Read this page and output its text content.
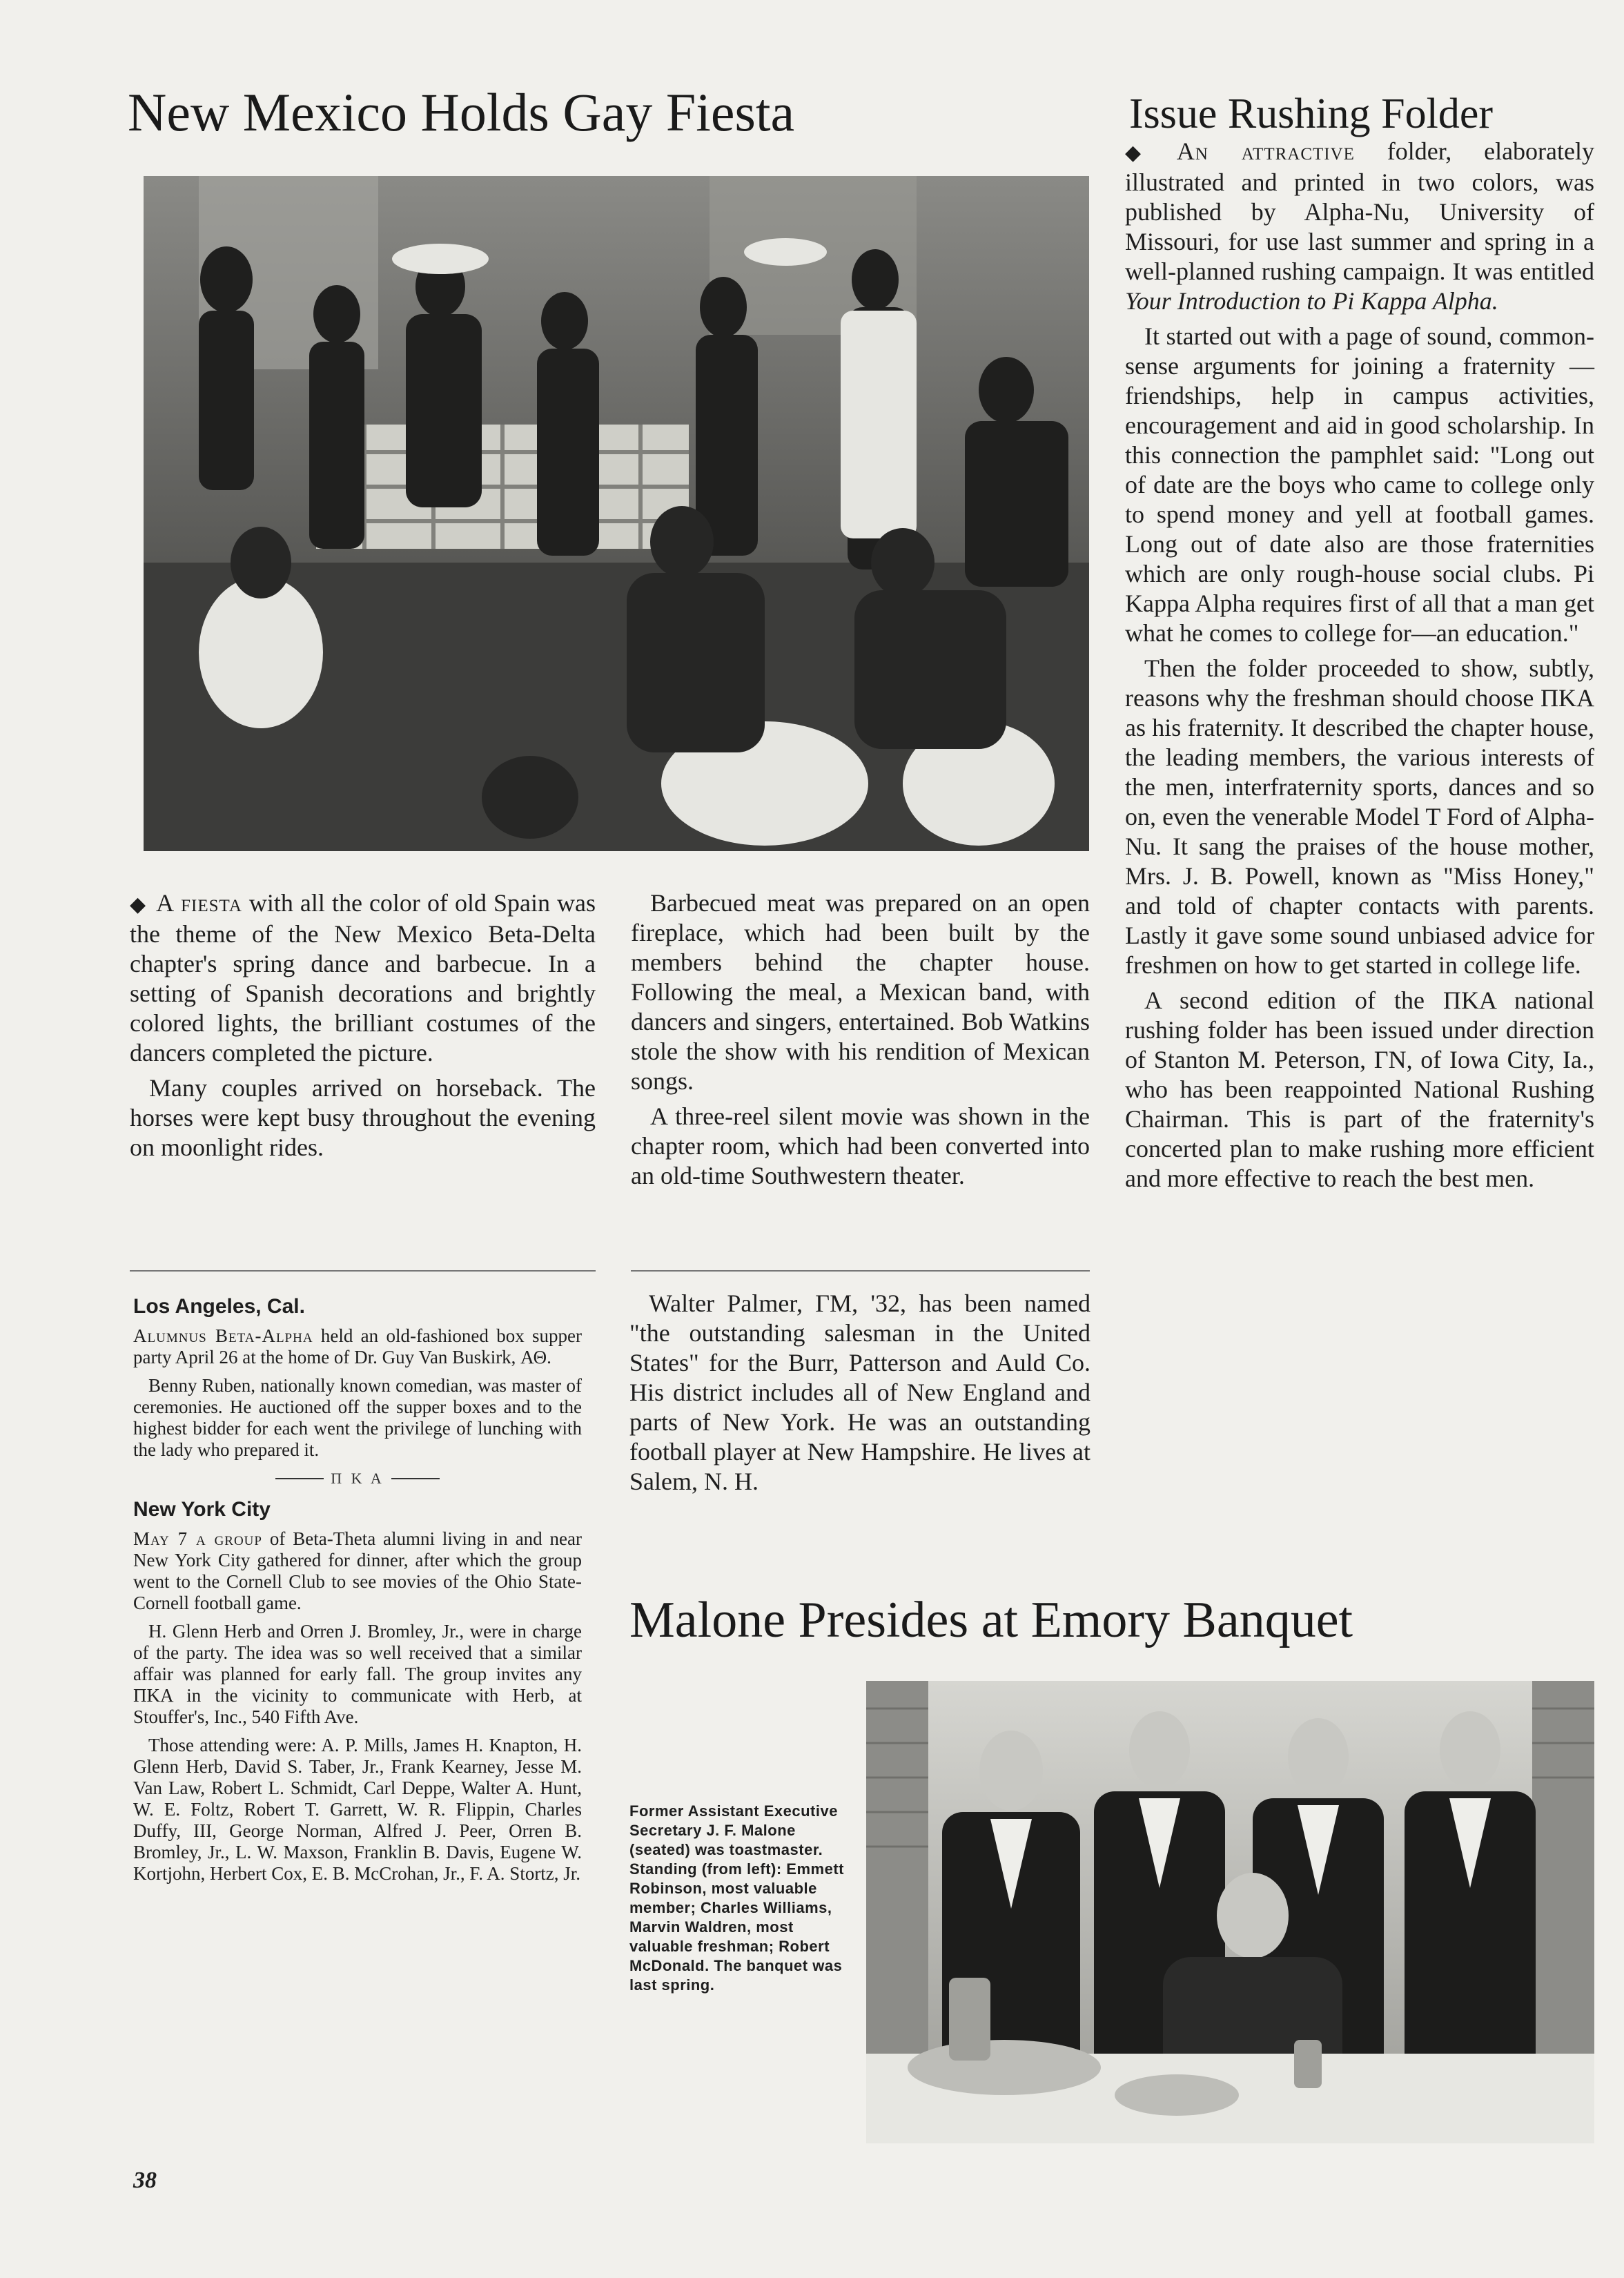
New Mexico Holds Gay Fiesta

◆ A fiesta with all the color of old Spain was the theme of the New Mexico Beta-Delta chapter's spring dance and barbecue. In a setting of Spanish decorations and brightly colored lights, the brilliant costumes of the dancers completed the picture.

Many couples arrived on horseback. The horses were kept busy throughout the evening on moonlight rides.

Barbecued meat was prepared on an open fireplace, which had been built by the members behind the chapter house. Following the meal, a Mexican band, with dancers and singers, entertained. Bob Watkins stole the show with his rendition of Mexican songs.

A three-reel silent movie was shown in the chapter room, which had been converted into an old-time Southwestern theater.

Issue Rushing Folder

◆ An attractive folder, elaborately illustrated and printed in two colors, was published by Alpha-Nu, University of Missouri, for use last summer and spring in a well-planned rushing campaign. It was entitled Your Introduction to Pi Kappa Alpha.

It started out with a page of sound, common-sense arguments for joining a fraternity — friendships, help in campus activities, encouragement and aid in good scholarship. In this connection the pamphlet said: "Long out of date are the boys who came to college only to spend money and yell at football games. Long out of date also are those fraternities which are only rough-house social clubs. Pi Kappa Alpha requires first of all that a man get what he comes to college for—an education."

Then the folder proceeded to show, subtly, reasons why the freshman should choose ΠΚΑ as his fraternity. It described the chapter house, the leading members, the various interests of the men, interfraternity sports, dances and so on, even the venerable Model T Ford of Alpha-Nu. It sang the praises of the house mother, Mrs. J. B. Powell, known as "Miss Honey," and told of chapter contacts with parents. Lastly it gave some sound unbiased advice for freshmen on how to get started in college life.

A second edition of the ΠΚΑ national rushing folder has been issued under direction of Stanton M. Peterson, ΓΝ, of Iowa City, Ia., who has been reappointed National Rushing Chairman. This is part of the fraternity's concerted plan to make rushing more efficient and more effective to reach the best men.

Los Angeles, Cal.

Alumnus Beta-Alpha held an old-fashioned box supper party April 26 at the home of Dr. Guy Van Buskirk, ΑΘ.

Benny Ruben, nationally known comedian, was master of ceremonies. He auctioned off the supper boxes and to the highest bidder for each went the privilege of lunching with the lady who prepared it.

Π Κ Α
New York City

May 7 a group of Beta-Theta alumni living in and near New York City gathered for dinner, after which the group went to the Cornell Club to see movies of the Ohio State-Cornell football game.

H. Glenn Herb and Orren J. Bromley, Jr., were in charge of the party. The idea was so well received that a similar affair was planned for early fall. The group invites any ΠΚΑ in the vicinity to communicate with Herb, at Stouffer's, Inc., 540 Fifth Ave.

Those attending were: A. P. Mills, James H. Knapton, H. Glenn Herb, David S. Taber, Jr., Frank Kearney, Jesse M. Van Law, Robert L. Schmidt, Carl Deppe, Walter A. Hunt, W. E. Foltz, Robert T. Garrett, W. R. Flippin, Charles Duffy, III, George Norman, Alfred J. Peer, Orren B. Bromley, Jr., L. W. Maxson, Franklin B. Davis, Eugene W. Kortjohn, Herbert Cox, E. B. McCrohan, Jr., F. A. Stortz, Jr.

38

Walter Palmer, ΓΜ, '32, has been named "the outstanding salesman in the United States" for the Burr, Patterson and Auld Co. His district includes all of New England and parts of New York. He was an outstanding football player at New Hampshire. He lives at Salem, N. H.

Malone Presides at Emory Banquet
Former Assistant Executive Secretary J. F. Malone (seated) was toastmaster. Standing (from left): Emmett Robinson, most valuable member; Charles Williams, Marvin Waldren, most valuable freshman; Robert McDonald. The banquet was last spring.
